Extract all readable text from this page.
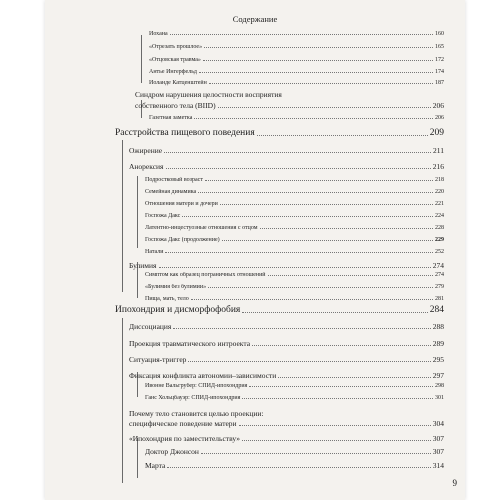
Содержание
Йохана	160
«Отрезать прошлое»	165
«Отцовская травма»	172
Антье Ингерфельд	174
Йоланде Катценштейн	187
Синдром нарушения целостности восприятия
собственного тела (BIID)	206
Газетная заметка	206
Расстройства пищевого поведения	209
Ожирение	211
Анорексия	216
Подростковый возраст	218
Семейная динамика	220
Отношения матери и дочери	221
Госпожа Дакс	224
Латентно-инцестуозные отношения с отцом	228
Госпожа Дакс (продолжение)	229
Натали	252
Булимия	274
Симптом как образец пограничных отношений	274
«Булимия без булимии»	279
Пища, мать, тело	281
Ипохондрия и дисморфофобия	284
Диссоциация	288
Проекция травматического интроекта	289
Ситуация-триггер	295
Фиксация конфликта автономии–зависимости	297
Ивонне Вальгрубер: СПИД-ипохондрия	298
Ганс Хольцбауэр: СПИД-ипохондрия	301
Почему тело становится целью проекции:
специфическое поведение матери	304
«Ипохондрия по заместительству»	307
Доктор Джонсон	307
Марта	314
9
